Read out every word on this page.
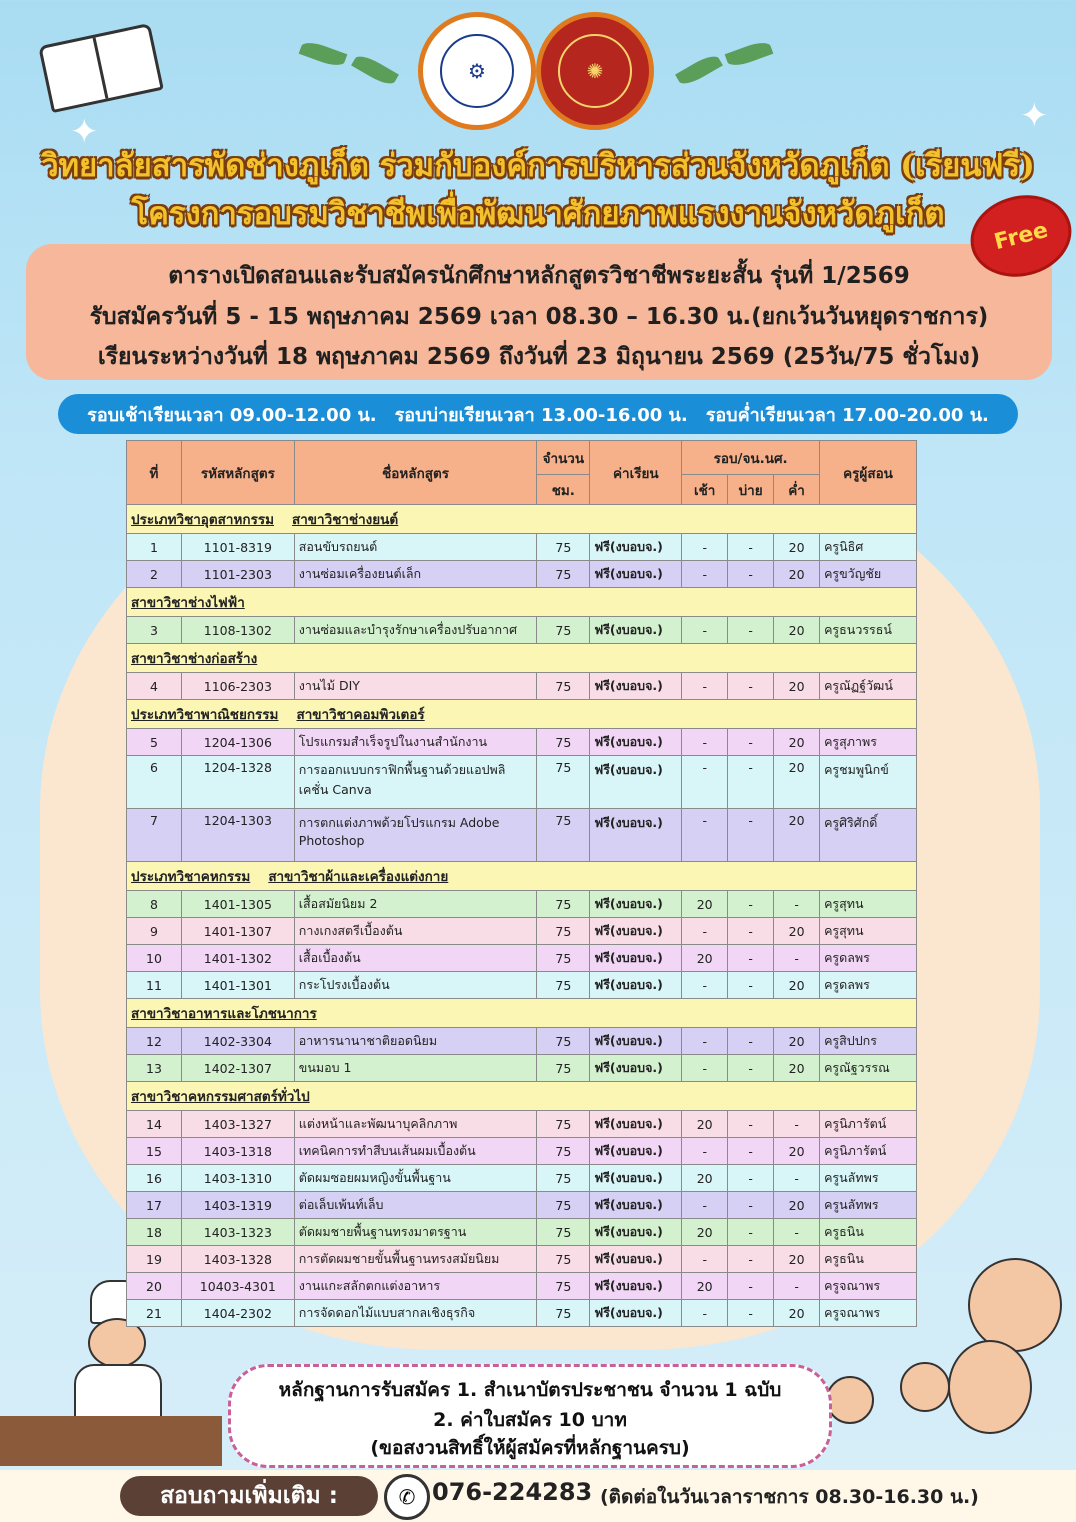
✦	✦
⚙	✺
วิทยาลัยสารพัดช่างภูเก็ต ร่วมกับองค์การบริหารส่วนจังหวัดภูเก็ต (เรียนฟรี)
โครงการอบรมวิชาชีพเพื่อพัฒนาศักยภาพแรงงานจังหวัดภูเก็ต
Free
ตารางเปิดสอนและรับสมัครนักศึกษาหลักสูตรวิชาชีพระยะสั้น รุ่นที่ 1/2569
รับสมัครวันที่ 5 - 15 พฤษภาคม 2569 เวลา 08.30 – 16.30 น.(ยกเว้นวันหยุดราชการ)
เรียนระหว่างวันที่ 18 พฤษภาคม 2569 ถึงวันที่ 23 มิถุนายน 2569 (25วัน/75 ชั่วโมง)
รอบเช้าเรียนเวลา 09.00-12.00 น. รอบบ่ายเรียนเวลา 13.00-16.00 น. รอบค่ำเรียนเวลา 17.00-20.00 น.
ที่	รหัสหลักสูตร	ชื่อหลักสูตร	จำนวน	ค่าเรียน	รอบ/จน.นศ.			ครูผู้สอน
			ชม.		เช้า	บ่าย	ค่ำ	
ประเภทวิชาอุตสาหกรรม สาขาวิชาช่างยนต์								
1	1101-8319	สอนขับรถยนต์	75	ฟรี(งบอบจ.)	-	-	20	ครูนิธิศ
2	1101-2303	งานซ่อมเครื่องยนต์เล็ก	75	ฟรี(งบอบจ.)	-	-	20	ครูขวัญชัย
สาขาวิชาช่างไฟฟ้า								
3	1108-1302	งานซ่อมและบำรุงรักษาเครื่องปรับอากาศ	75	ฟรี(งบอบจ.)	-	-	20	ครูธนวรรธน์
สาขาวิชาช่างก่อสร้าง								
4	1106-2303	งานไม้ DIY	75	ฟรี(งบอบจ.)	-	-	20	ครูณัฏฐ์วัฒน์
ประเภทวิชาพาณิชยกรรม สาขาวิชาคอมพิวเตอร์								
5	1204-1306	โปรแกรมสำเร็จรูปในงานสำนักงาน	75	ฟรี(งบอบจ.)	-	-	20	ครูสุภาพร
6	1204-1328	การออกแบบกราฟิกพื้นฐานด้วยแอปพลิเคชั่น Canva	75	ฟรี(งบอบจ.)	-	-	20	ครูชมพูนิกข์
7	1204-1303	การตกแต่งภาพด้วยโปรแกรม Adobe Photoshop	75	ฟรี(งบอบจ.)	-	-	20	ครูศิริศักดิ์
ประเภทวิชาคหกรรม สาขาวิชาผ้าและเครื่องแต่งกาย								
8	1401-1305	เสื้อสมัยนิยม 2	75	ฟรี(งบอบจ.)	20	-	-	ครูสุทน
9	1401-1307	กางเกงสตรีเบื้องต้น	75	ฟรี(งบอบจ.)	-	-	20	ครูสุทน
10	1401-1302	เสื้อเบื้องต้น	75	ฟรี(งบอบจ.)	20	-	-	ครูดลพร
11	1401-1301	กระโปรงเบื้องต้น	75	ฟรี(งบอบจ.)	-	-	20	ครูดลพร
สาขาวิชาอาหารและโภชนาการ								
12	1402-3304	อาหารนานาชาติยอดนิยม	75	ฟรี(งบอบจ.)	-	-	20	ครูสิปปกร
13	1402-1307	ขนมอบ 1	75	ฟรี(งบอบจ.)	-	-	20	ครูณัฐวรรณ
สาขาวิชาคหกรรมศาสตร์ทั่วไป								
14	1403-1327	แต่งหน้าและพัฒนาบุคลิกภาพ	75	ฟรี(งบอบจ.)	20	-	-	ครูนิภารัตน์
15	1403-1318	เทคนิคการทำสีบนเส้นผมเบื้องต้น	75	ฟรี(งบอบจ.)	-	-	20	ครูนิภารัตน์
16	1403-1310	ตัดผมซอยผมหญิงขั้นพื้นฐาน	75	ฟรี(งบอบจ.)	20	-	-	ครูนลัทพร
17	1403-1319	ต่อเล็บเพ้นท์เล็บ	75	ฟรี(งบอบจ.)	-	-	20	ครูนลัทพร
18	1403-1323	ตัดผมชายพื้นฐานทรงมาตรฐาน	75	ฟรี(งบอบจ.)	20	-	-	ครูธนิน
19	1403-1328	การตัดผมชายขั้นพื้นฐานทรงสมัยนิยม	75	ฟรี(งบอบจ.)	-	-	20	ครูธนิน
20	10403-4301	งานแกะสลักตกแต่งอาหาร	75	ฟรี(งบอบจ.)	20	-	-	ครูจณาพร
21	1404-2302	การจัดดอกไม้แบบสากลเชิงธุรกิจ	75	ฟรี(งบอบจ.)	-	-	20	ครูจณาพร
หลักฐานการรับสมัคร 1. สำเนาบัตรประชาชน จำนวน 1 ฉบับ
2. ค่าใบสมัคร 10 บาท
(ขอสงวนสิทธิ์ให้ผู้สมัครที่หลักฐานครบ)
สอบถามเพิ่มเติม :	✆ 076-224283 (ติดต่อในวันเวลาราชการ 08.30-16.30 น.)
